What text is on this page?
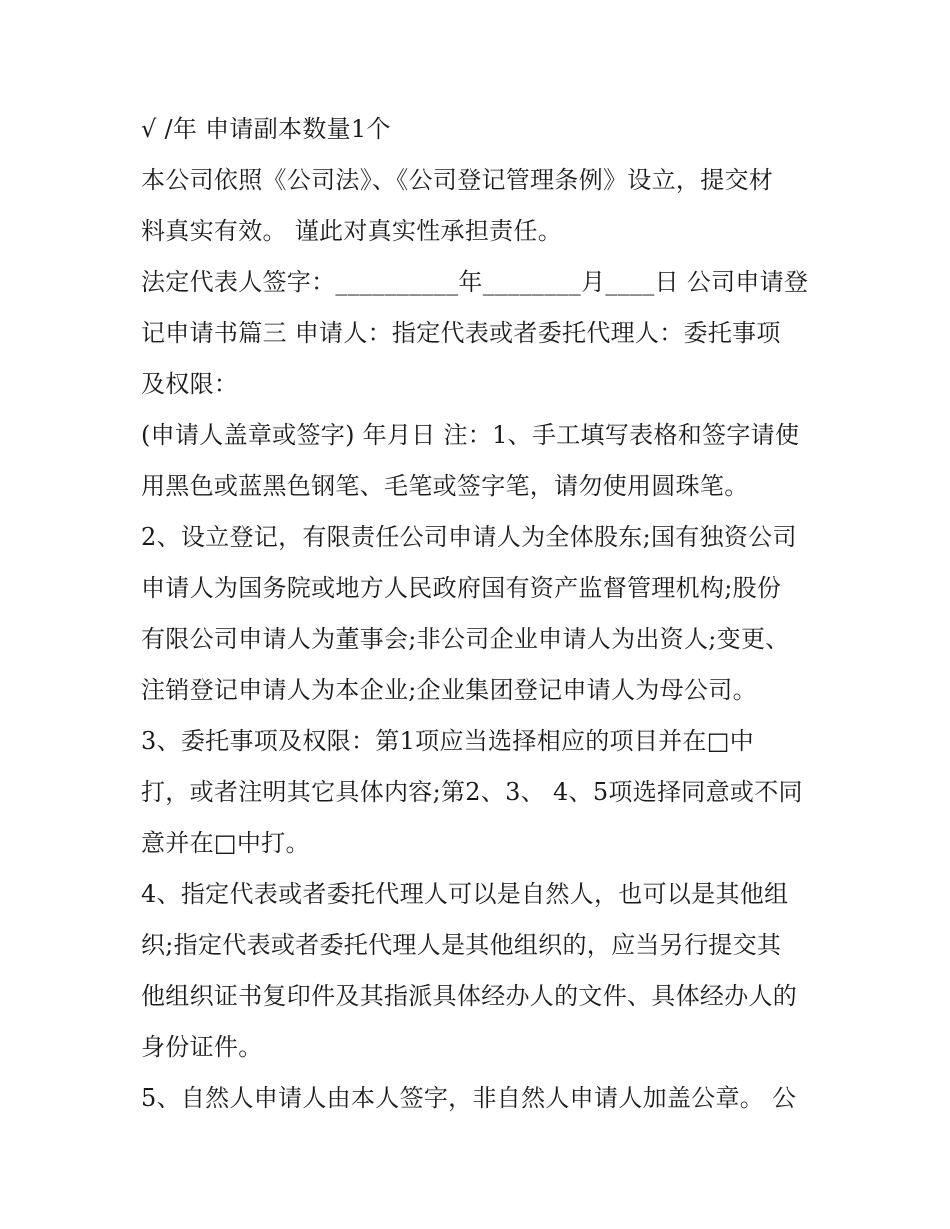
√ /年 申请副本数量1个
本公司依照《公司法》、《公司登记管理条例》设立，提交材
料真实有效。 谨此对真实性承担责任。
法定代表人签字：__________年________月____日 公司申请登
记申请书篇三 申请人：指定代表或者委托代理人：委托事项
及权限：
(申请人盖章或签字) 年月日 注：1、手工填写表格和签字请使
用黑色或蓝黑色钢笔、毛笔或签字笔，请勿使用圆珠笔。
2、设立登记，有限责任公司申请人为全体股东;国有独资公司
申请人为国务院或地方人民政府国有资产监督管理机构;股份
有限公司申请人为董事会;非公司企业申请人为出资人;变更、
注销登记申请人为本企业;企业集团登记申请人为母公司。
3、委托事项及权限：第1项应当选择相应的项目并在□中
打，或者注明其它具体内容;第2、3、 4、5项选择同意或不同
意并在□中打。
4、指定代表或者委托代理人可以是自然人，也可以是其他组
织;指定代表或者委托代理人是其他组织的，应当另行提交其
他组织证书复印件及其指派具体经办人的文件、具体经办人的
身份证件。
5、自然人申请人由本人签字，非自然人申请人加盖公章。 公
